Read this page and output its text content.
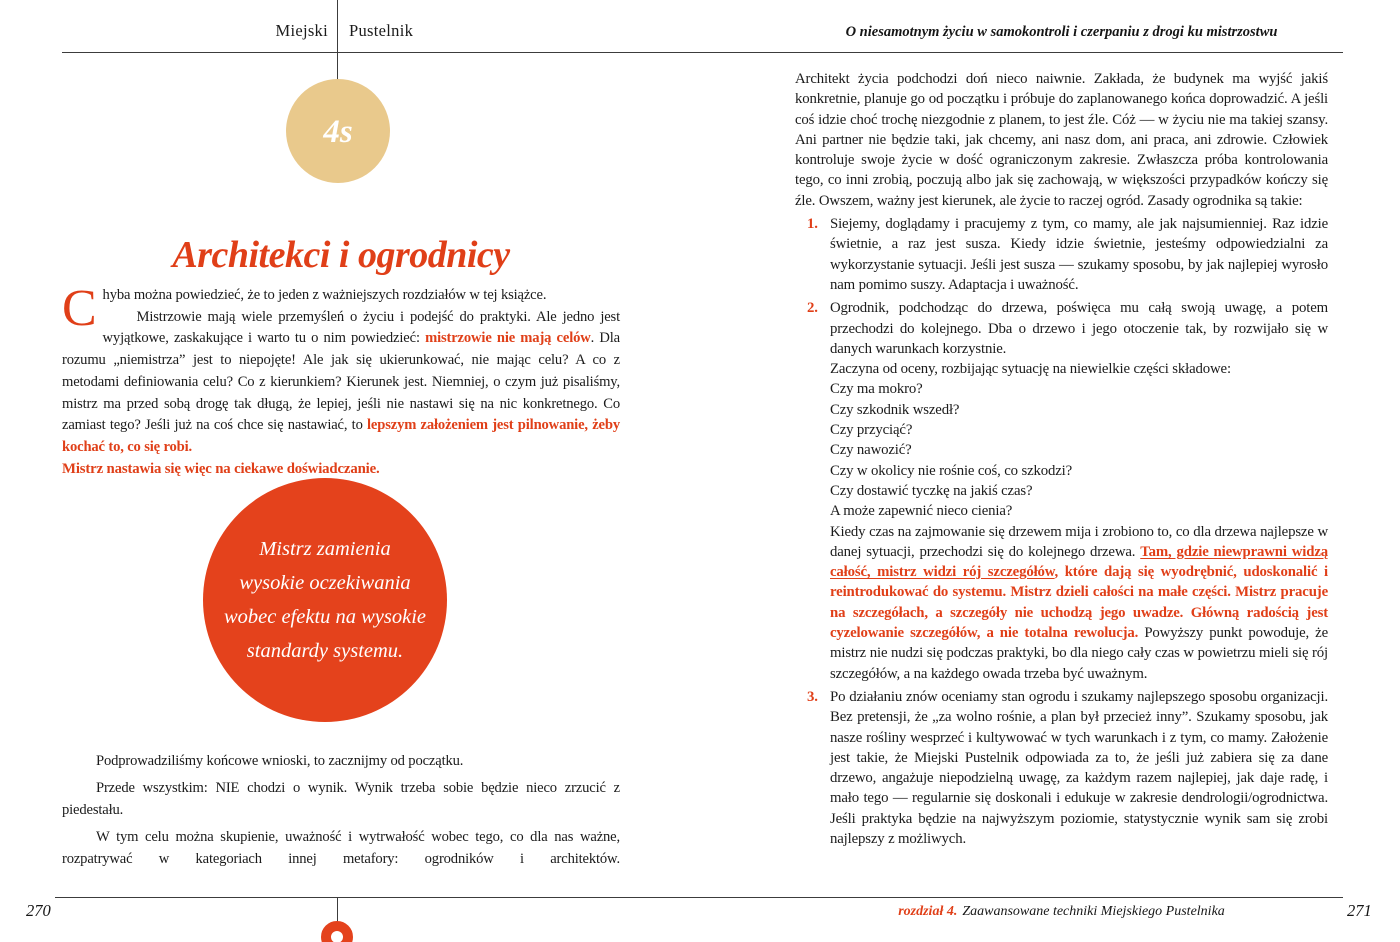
Miejski Pustelnik	O niesamotnym życiu w samokontroli i czerpaniu z drogi ku mistrzostwu
4s
Architekci i ogrodnicy
C hyba można powiedzieć, że to jeden z ważniejszych rozdziałów w tej książce.

Mistrzowie mają wiele przemyśleń o życiu i podejść do praktyki. Ale jedno jest wyjątkowe, zaskakujące i warto tu o nim powiedzieć: mistrzowie nie mają celów. Dla rozumu „niemistrza” jest to niepojęte! Ale jak się ukierunkować, nie mając celu? A co z metodami definiowania celu? Co z kierunkiem? Kierunek jest. Niemniej, o czym już pisaliśmy, mistrz ma przed sobą drogę tak długą, że lepiej, jeśli nie nastawi się na nic konkretnego. Co zamiast tego? Jeśli już na coś chce się nastawiać, to lepszym założeniem jest pilnowanie, żeby kochać to, co się robi.

Mistrz nastawia się więc na ciekawe doświadczanie.

Mistrz zamienia
wysokie oczekiwania
wobec efektu na wysokie
standardy systemu.

Podprowadziliśmy końcowe wnioski, to zacznijmy od początku.

Przede wszystkim: NIE chodzi o wynik. Wynik trzeba sobie będzie nieco zrzucić z piedestału.

W tym celu można skupienie, uważność i wytrwałość wobec tego, co dla nas ważne, rozpatrywać w kategoriach innej metafory: ogrodników i architektów.

Architekt życia podchodzi doń nieco naiwnie. Zakłada, że budynek ma wyjść jakiś konkretnie, planuje go od początku i próbuje do zaplanowanego końca doprowadzić. A jeśli coś idzie choć trochę niezgodnie z planem, to jest źle. Cóż — w życiu nie ma takiej szansy. Ani partner nie będzie taki, jak chcemy, ani nasz dom, ani praca, ani zdrowie. Człowiek kontroluje swoje życie w dość ograniczonym zakresie. Zwłaszcza próba kontrolowania tego, co inni zrobią, poczują albo jak się zachowają, w większości przypadków kończy się źle. Owszem, ważny jest kierunek, ale życie to raczej ogród. Zasady ogrodnika są takie:

1. Siejemy, doglądamy i pracujemy z tym, co mamy, ale jak najsumienniej. Raz idzie świetnie, a raz jest susza. Kiedy idzie świetnie, jesteśmy odpowiedzialni za wykorzystanie sytuacji. Jeśli jest susza — szukamy sposobu, by jak najlepiej wyrosło nam pomimo suszy. Adaptacja i uważność.

2. Ogrodnik, podchodząc do drzewa, poświęca mu całą swoją uwagę, a potem przechodzi do kolejnego. Dba o drzewo i jego otoczenie tak, by rozwijało się w danych warunkach korzystnie.

Zaczyna od oceny, rozbijając sytuację na niewielkie części składowe:

Czy ma mokro?

Czy szkodnik wszedł?

Czy przyciąć?

Czy nawozić?

Czy w okolicy nie rośnie coś, co szkodzi?

Czy dostawić tyczkę na jakiś czas?

A może zapewnić nieco cienia?

Kiedy czas na zajmowanie się drzewem mija i zrobiono to, co dla drzewa najlepsze w danej sytuacji, przechodzi się do kolejnego drzewa. Tam, gdzie niewprawni widzą całość, mistrz widzi rój szczegółów, które dają się wyodrębnić, udoskonalić i reintrodukować do systemu. Mistrz dzieli całości na małe części. Mistrz pracuje na szczegółach, a szczegóły nie uchodzą jego uwadze. Główną radością jest cyzelowanie szczegółów, a nie totalna rewolucja. Powyższy punkt powoduje, że mistrz nie nudzi się podczas praktyki, bo dla niego cały czas w powietrzu mieli się rój szczegółów, a na każdego owada trzeba być uważnym.

3. Po działaniu znów oceniamy stan ogrodu i szukamy najlepszego sposobu organizacji. Bez pretensji, że „za wolno rośnie, a plan był przecież inny”. Szukamy sposobu, jak nasze rośliny wesprzeć i kultywować w tych warunkach i z tym, co mamy. Założenie jest takie, że Miejski Pustelnik odpowiada za to, że jeśli już zabiera się za dane drzewo, angażuje niepodzielną uwagę, za każdym razem najlepiej, jak daje radę, i mało tego — regularnie się doskonali i edukuje w zakresie dendrologii/ogrodnictwa. Jeśli praktyka będzie na najwyższym poziomie, statystycznie wynik sam się zrobi najlepszy z możliwych.

270	271
rozdział 4. Zaawansowane techniki Miejskiego Pustelnika
